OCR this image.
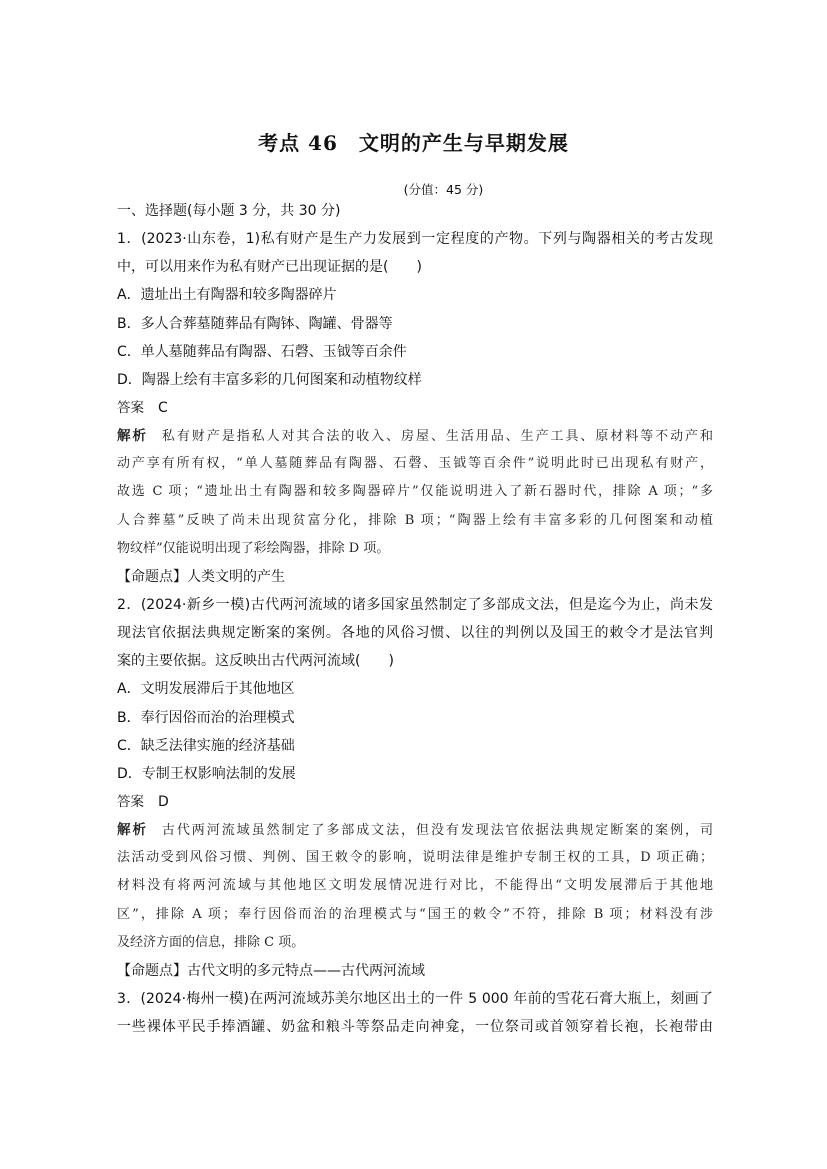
考点 46　文明的产生与早期发展
(分值：45 分)
一、选择题(每小题 3 分，共 30 分)
1．(2023·山东卷，1)私有财产是生产力发展到一定程度的产物。下列与陶器相关的考古发现
中，可以用来作为私有财产已出现证据的是(　　)
A．遗址出土有陶器和较多陶器碎片
B．多人合葬墓随葬品有陶钵、陶罐、骨器等
C．单人墓随葬品有陶器、石磬、玉钺等百余件
D．陶器上绘有丰富多彩的几何图案和动植物纹样
答案 C
解析 私有财产是指私人对其合法的收入、房屋、生活用品、生产工具、原材料等不动产和
动产享有所有权，“单人墓随葬品有陶器、石磬、玉钺等百余件”说明此时已出现私有财产，
故选 C 项；“遗址出土有陶器和较多陶器碎片”仅能说明进入了新石器时代，排除 A 项；“多
人合葬墓”反映了尚未出现贫富分化，排除 B 项；“陶器上绘有丰富多彩的几何图案和动植
物纹样”仅能说明出现了彩绘陶器，排除 D 项。
【命题点】人类文明的产生
2．(2024·新乡一模)古代两河流域的诸多国家虽然制定了多部成文法，但是迄今为止，尚未发
现法官依据法典规定断案的案例。各地的风俗习惯、以往的判例以及国王的敕令才是法官判
案的主要依据。这反映出古代两河流域(　　)
A．文明发展滞后于其他地区
B．奉行因俗而治的治理模式
C．缺乏法律实施的经济基础
D．专制王权影响法制的发展
答案 D
解析 古代两河流域虽然制定了多部成文法，但没有发现法官依据法典规定断案的案例，司
法活动受到风俗习惯、判例、国王敕令的影响，说明法律是维护专制王权的工具，D 项正确；
材料没有将两河流域与其他地区文明发展情况进行对比，不能得出“文明发展滞后于其他地
区”，排除 A 项；奉行因俗而治的治理模式与“国王的敕令”不符，排除 B 项；材料没有涉
及经济方面的信息，排除 C 项。
【命题点】古代文明的多元特点——古代两河流域
3．(2024·梅州一模)在两河流域苏美尔地区出土的一件 5 000 年前的雪花石膏大瓶上，刻画了
一些裸体平民手捧酒罐、奶盆和粮斗等祭品走向神龛，一位祭司或首领穿着长袍，长袍带由
